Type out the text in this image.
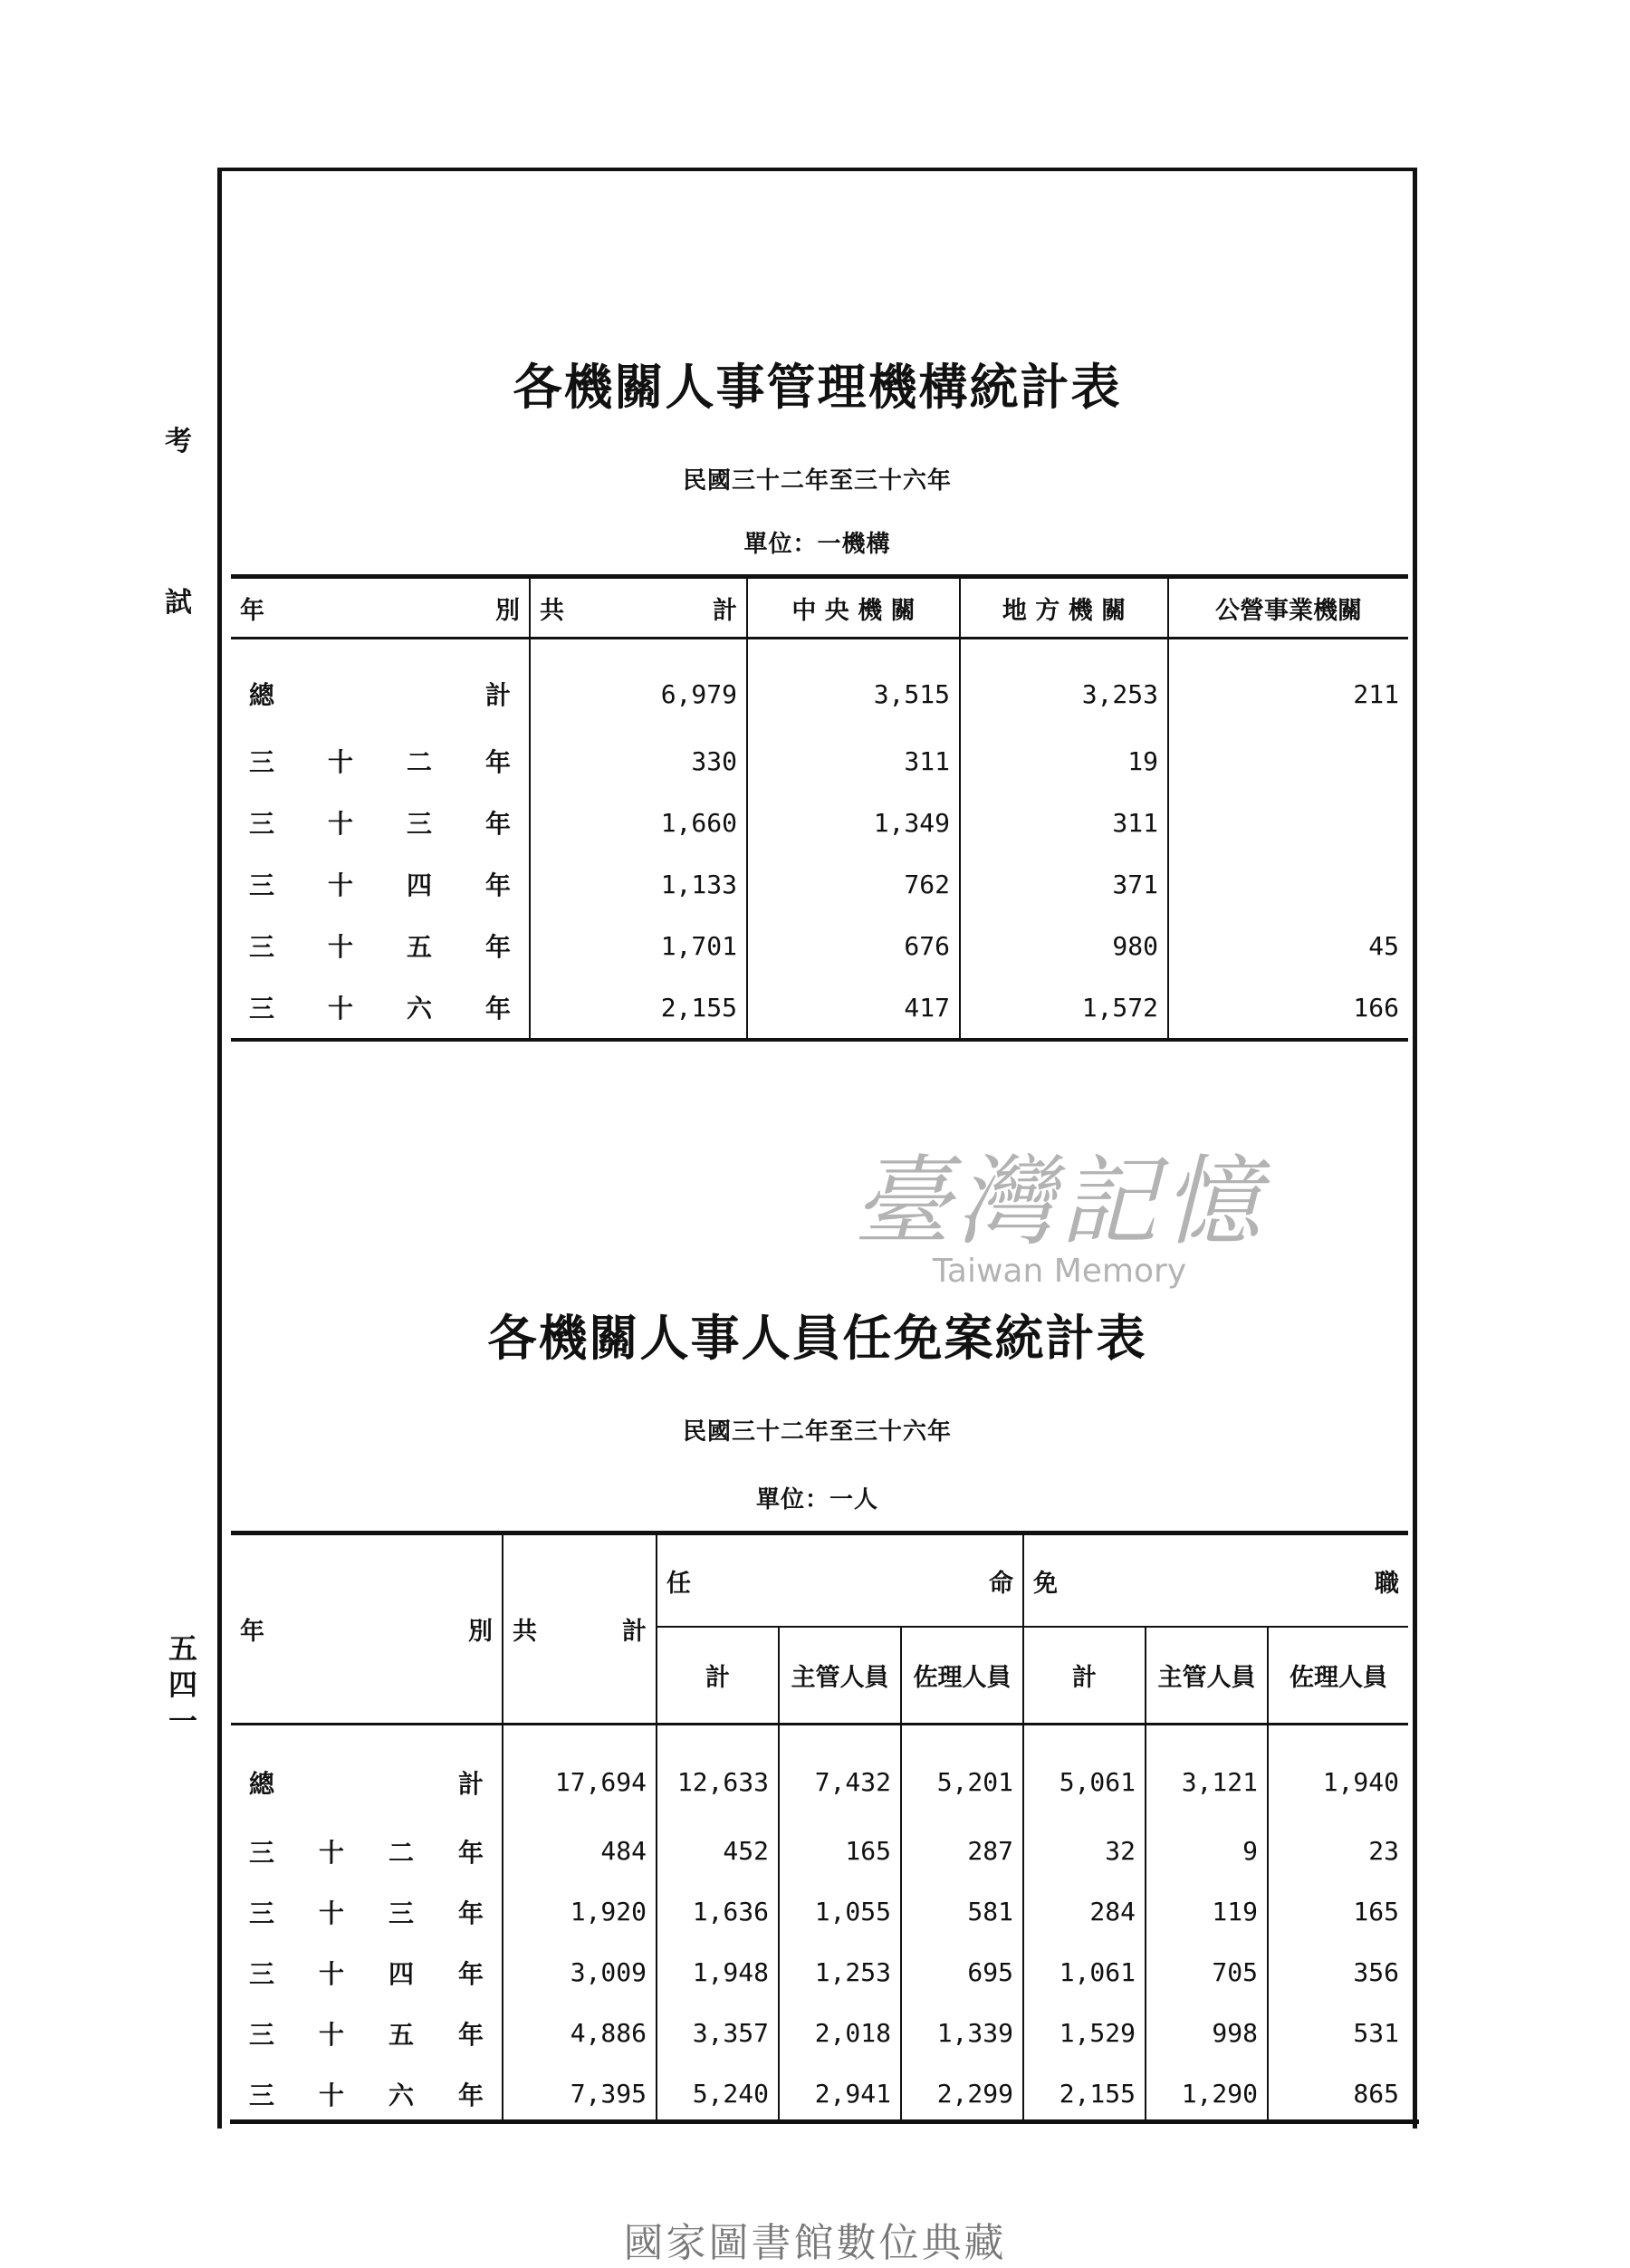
考
試
五四一
各機關人事管理機構統計表
民國三十二年至三十六年
單位：一機構
年 別	共 計	中 央 機 關	地 方 機 關	公營事業機關

總 計	6,979	3,515	3,253	211

三 十 二 年	330	311	19	

三 十 三 年	1,660	1,349	311	

三 十 四 年	1,133	762	371	

三 十 五 年	1,701	676	980	45

三 十 六 年	2,155	417	1,572	166
臺灣記憶
Taiwan Memory
各機關人事人員任免案統計表
民國三十二年至三十六年
單位：一人
年 別	共 計	任 命			免 職		

		計	主管人員	佐理人員	計	主管人員	佐理人員

總 計	17,694	12,633	7,432	5,201	5,061	3,121	1,940

三 十 二 年	484	452	165	287	32	9	23

三 十 三 年	1,920	1,636	1,055	581	284	119	165

三 十 四 年	3,009	1,948	1,253	695	1,061	705	356

三 十 五 年	4,886	3,357	2,018	1,339	1,529	998	531

三 十 六 年	7,395	5,240	2,941	2,299	2,155	1,290	865
國家圖書館數位典藏
